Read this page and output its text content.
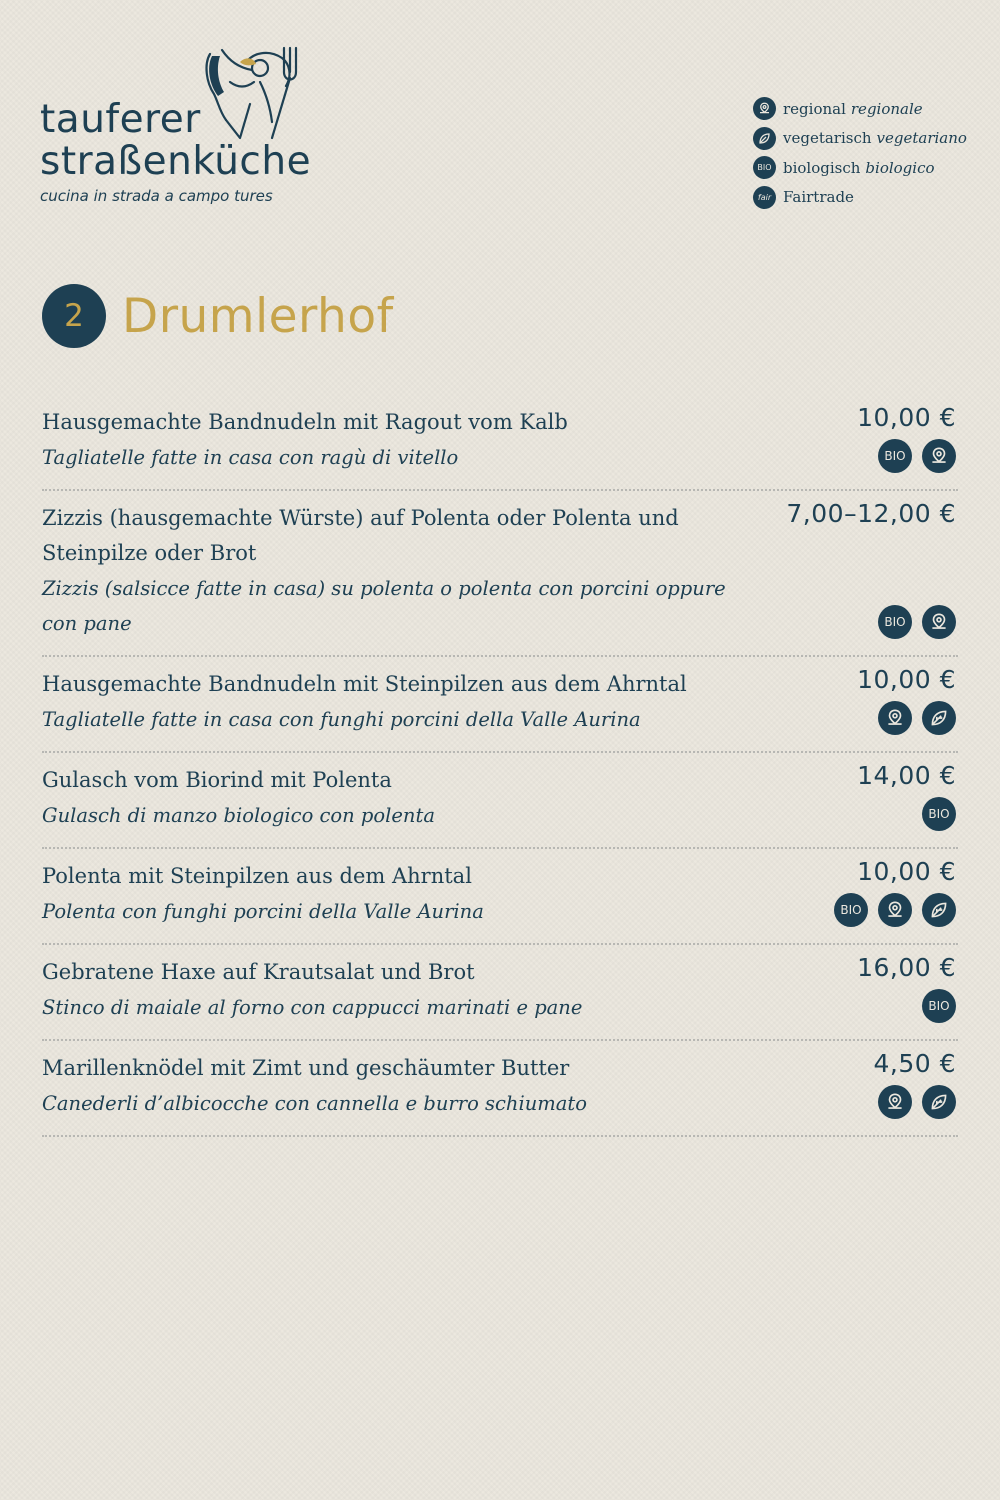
tauferer
straßenküche
cucina in strada a campo tures
regional regionale
vegetarisch vegetariano
BIO biologisch biologico
fair Fairtrade
2 Drumlerhof
Hausgemachte Bandnudeln mit Ragout vom Kalb
Tagliatelle fatte in casa con ragù di vitello
10,00 €
BIO
Zizzis (hausgemachte Würste) auf Polenta oder Polenta und Steinpilze oder Brot
Zizzis (salsicce fatte in casa) su polenta o polenta con porcini oppure con pane
7,00–12,00 €
BIO
Hausgemachte Bandnudeln mit Steinpilzen aus dem Ahrntal
Tagliatelle fatte in casa con funghi porcini della Valle Aurina
10,00 €
Gulasch vom Biorind mit Polenta
Gulasch di manzo biologico con polenta
14,00 €
BIO
Polenta mit Steinpilzen aus dem Ahrntal
Polenta con funghi porcini della Valle Aurina
10,00 €
BIO
Gebratene Haxe auf Krautsalat und Brot
Stinco di maiale al forno con cappucci marinati e pane
16,00 €
BIO
Marillenknödel mit Zimt und geschäumter Butter
Canederli d’albicocche con cannella e burro schiumato
4,50 €
